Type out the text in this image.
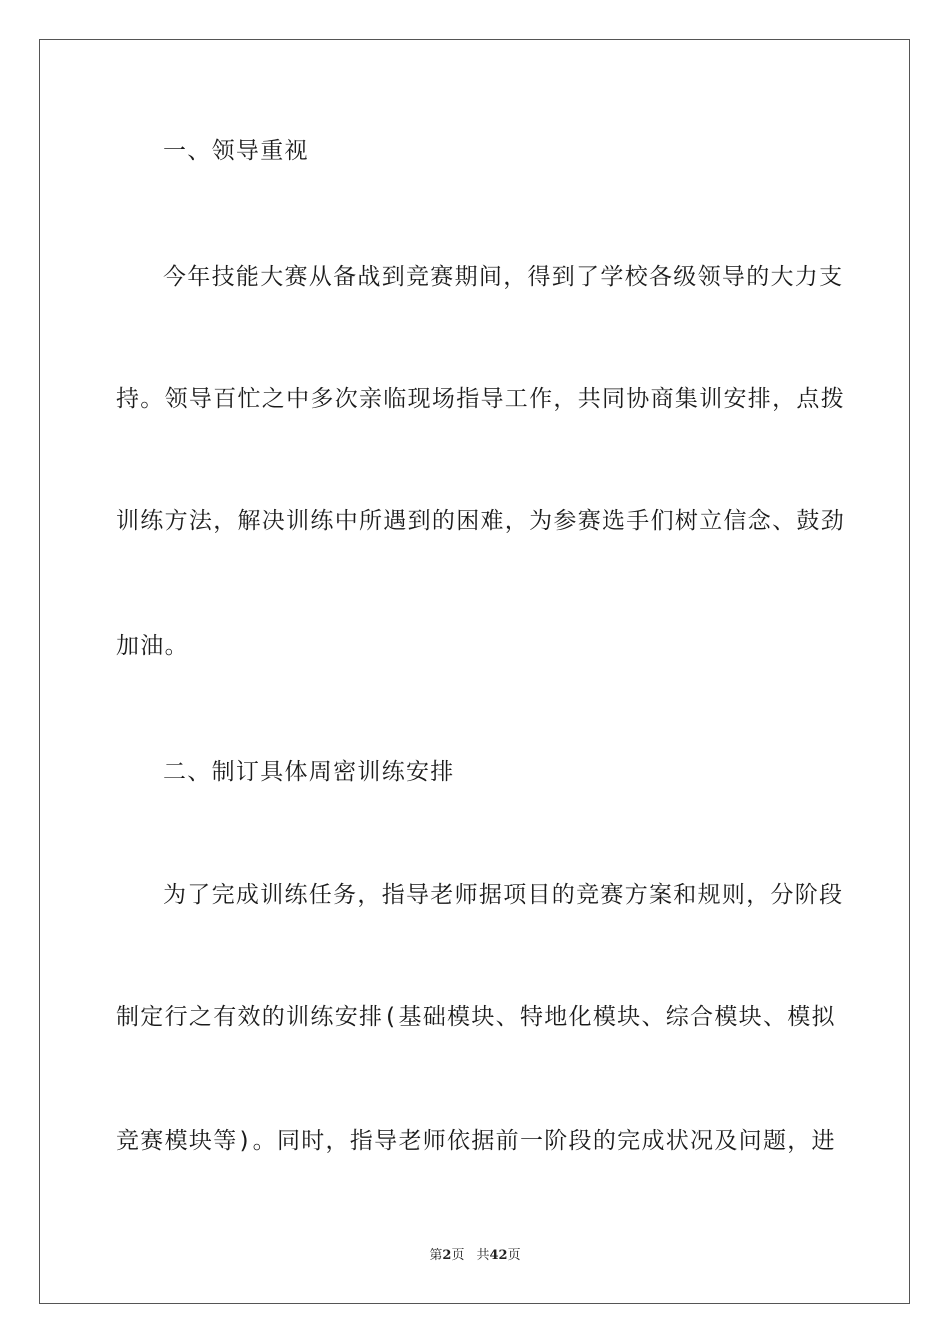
一、领导重视
今年技能大赛从备战到竞赛期间，得到了学校各级领导的大力支
持。领导百忙之中多次亲临现场指导工作，共同协商集训安排，点拨
训练方法，解决训练中所遇到的困难，为参赛选手们树立信念、鼓劲
加油。
二、制订具体周密训练安排
为了完成训练任务，指导老师据项目的竞赛方案和规则，分阶段
制定行之有效的训练安排(基础模块、特地化模块、综合模块、模拟
竞赛模块等)。同时，指导老师依据前一阶段的完成状况及问题，进
第2页 共42页
